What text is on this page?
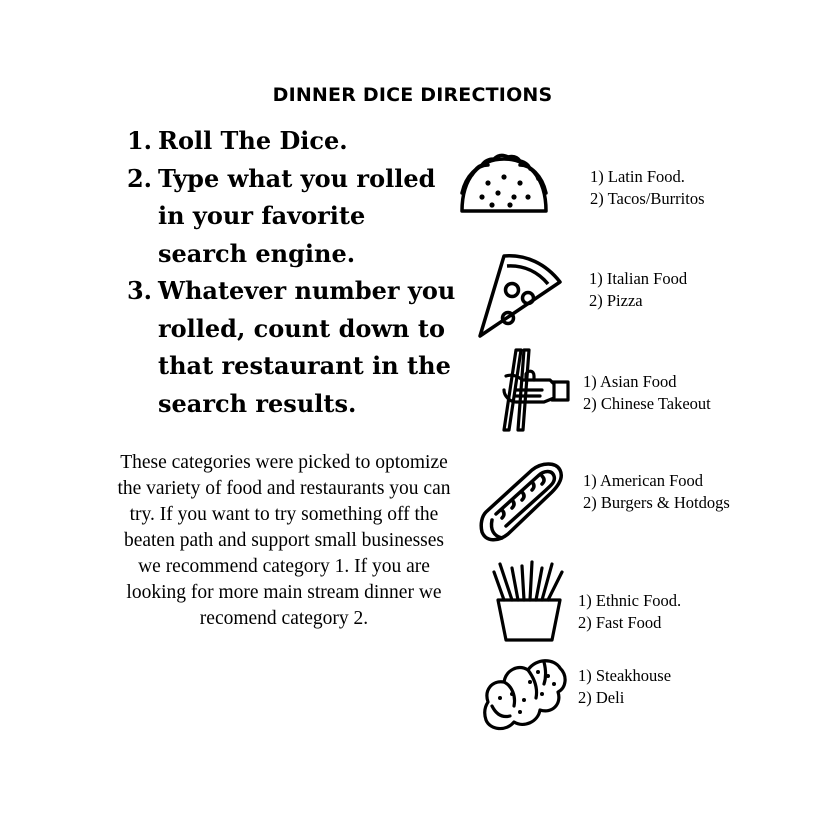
DINNER DICE DIRECTIONS
1. Roll The Dice.
2. Type what you rolled in your favorite search engine.
3. Whatever number you rolled, count down to that restaurant in the search results.
These categories were picked to optomize the variety of food and restaurants you can try. If you want to try something off the beaten path and support small businesses we recommend category 1. If you are looking for more main stream dinner we recomend category 2.
1) Latin Food.
2) Tacos/Burritos
1) Italian Food
2) Pizza
1) Asian Food
2) Chinese Takeout
1) American Food
2) Burgers & Hotdogs
1) Ethnic Food.
2) Fast Food
1) Steakhouse
2) Deli
